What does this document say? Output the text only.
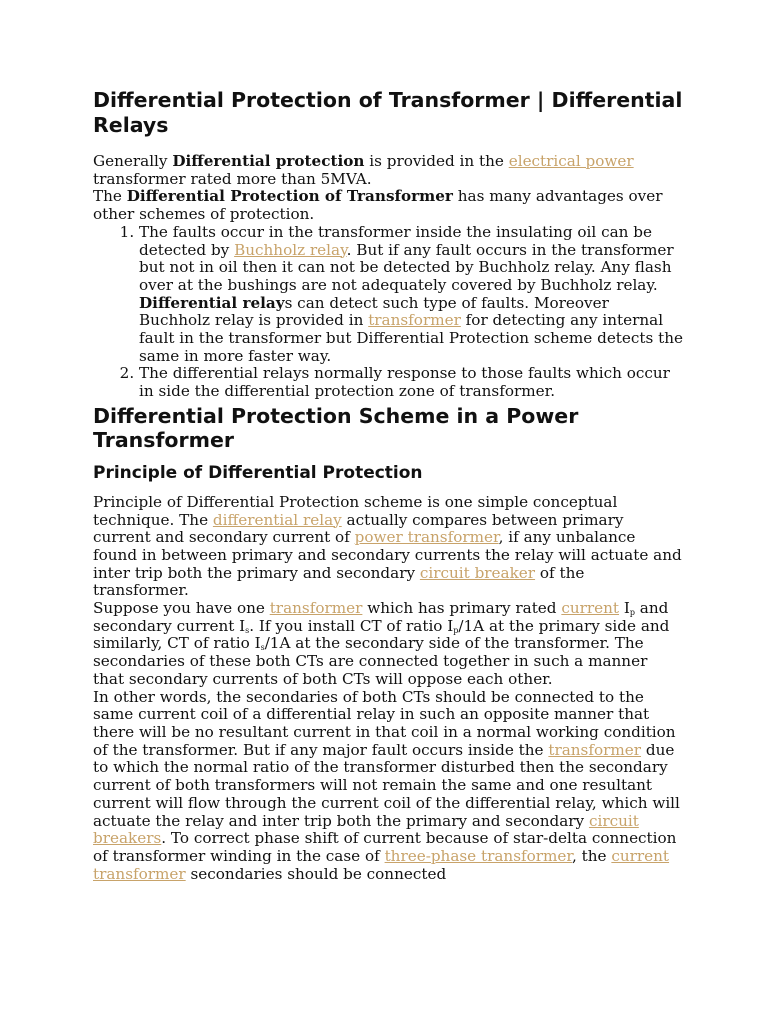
Differential Protection of Transformer | Differential Relays

Generally Differential protection is provided in the electrical power transformer rated more than 5MVA.

The Differential Protection of Transformer has many advantages over other schemes of protection.

1. The faults occur in the transformer inside the insulating oil can be detected by Buchholz relay. But if any fault occurs in the transformer but not in oil then it can not be detected by Buchholz relay. Any flash over at the bushings are not adequately covered by Buchholz relay. Differential relays can detect such type of faults. Moreover Buchholz relay is provided in transformer for detecting any internal fault in the transformer but Differential Protection scheme detects the same in more faster way.
2. The differential relays normally response to those faults which occur in side the differential protection zone of transformer.
Differential Protection Scheme in a Power Transformer
Principle of Differential Protection

Principle of Differential Protection scheme is one simple conceptual technique. The differential relay actually compares between primary current and secondary current of power transformer, if any unbalance found in between primary and secondary currents the relay will actuate and inter trip both the primary and secondary circuit breaker of the transformer.

Suppose you have one transformer which has primary rated current $I_p$ and secondary current $I_s$. If you install CT of ratio $I_p/1A$ at the primary side and similarly, CT of ratio $I_s/1A$ at the secondary side of the transformer. The secondaries of these both CTs are connected together in such a manner that secondary currents of both CTs will oppose each other.

In other words, the secondaries of both CTs should be connected to the same current coil of a differential relay in such an opposite manner that there will be no resultant current in that coil in a normal working condition of the transformer. But if any major fault occurs inside the transformer due to which the normal ratio of the transformer disturbed then the secondary current of both transformers will not remain the same and one resultant current will flow through the current coil of the differential relay, which will actuate the relay and inter trip both the primary and secondary circuit breakers. To correct phase shift of current because of star-delta connection of transformer winding in the case of three-phase transformer, the current transformer secondaries should be connected
